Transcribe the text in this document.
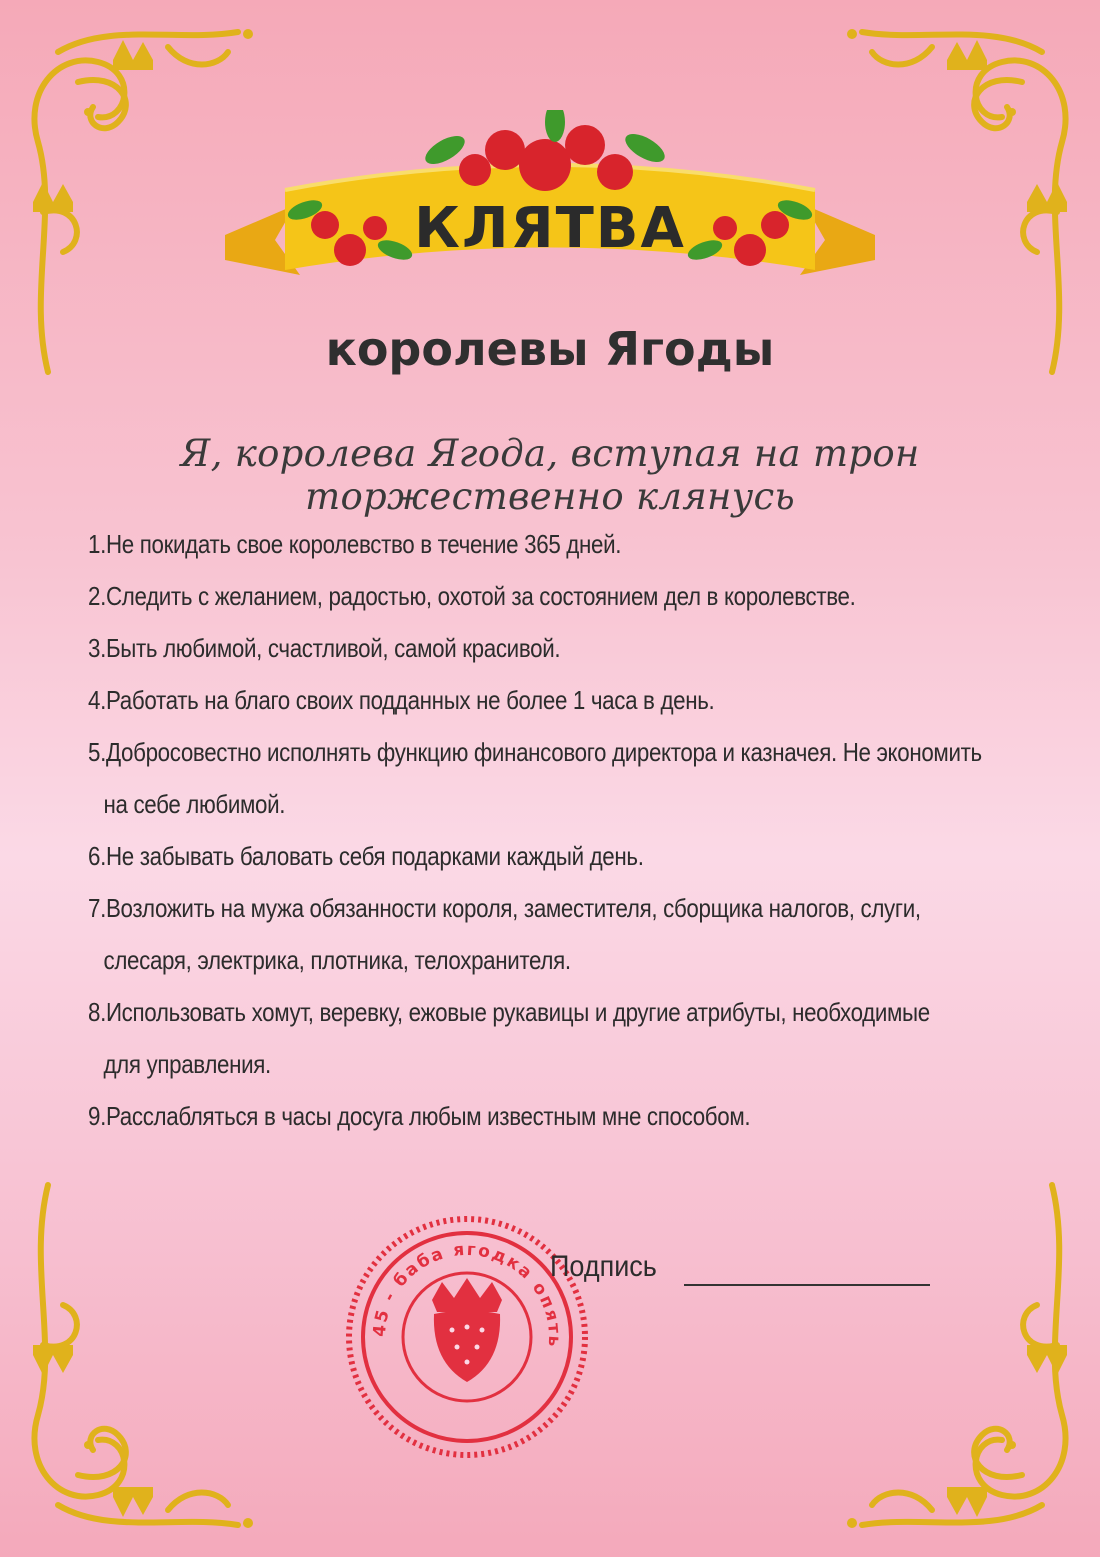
КЛЯТВА
королевы Ягоды

Я, королева Ягода, вступая на трон торжественно клянусь

1.Не покидать свое королевство в течение 365 дней.
2.Следить с желанием, радостью, охотой за состоянием дел в королевстве.
3.Быть любимой, счастливой, самой красивой.
4.Работать на благо своих подданных не более 1 часа в день.
5.Добросовестно исполнять функцию финансового директора и казначея. Не экономить
на себе любимой.
6.Не забывать баловать себя подарками каждый день.
7.Возложить на мужа обязанности короля, заместителя, сборщика налогов, слуги,
слесаря, электрика, плотника, телохранителя.
8.Использовать хомут, веревку, ежовые рукавицы и другие атрибуты, необходимые
для управления.
9.Расслабляться в часы досуга любым известным мне способом.
45 - баба ягодка опять
Подпись
